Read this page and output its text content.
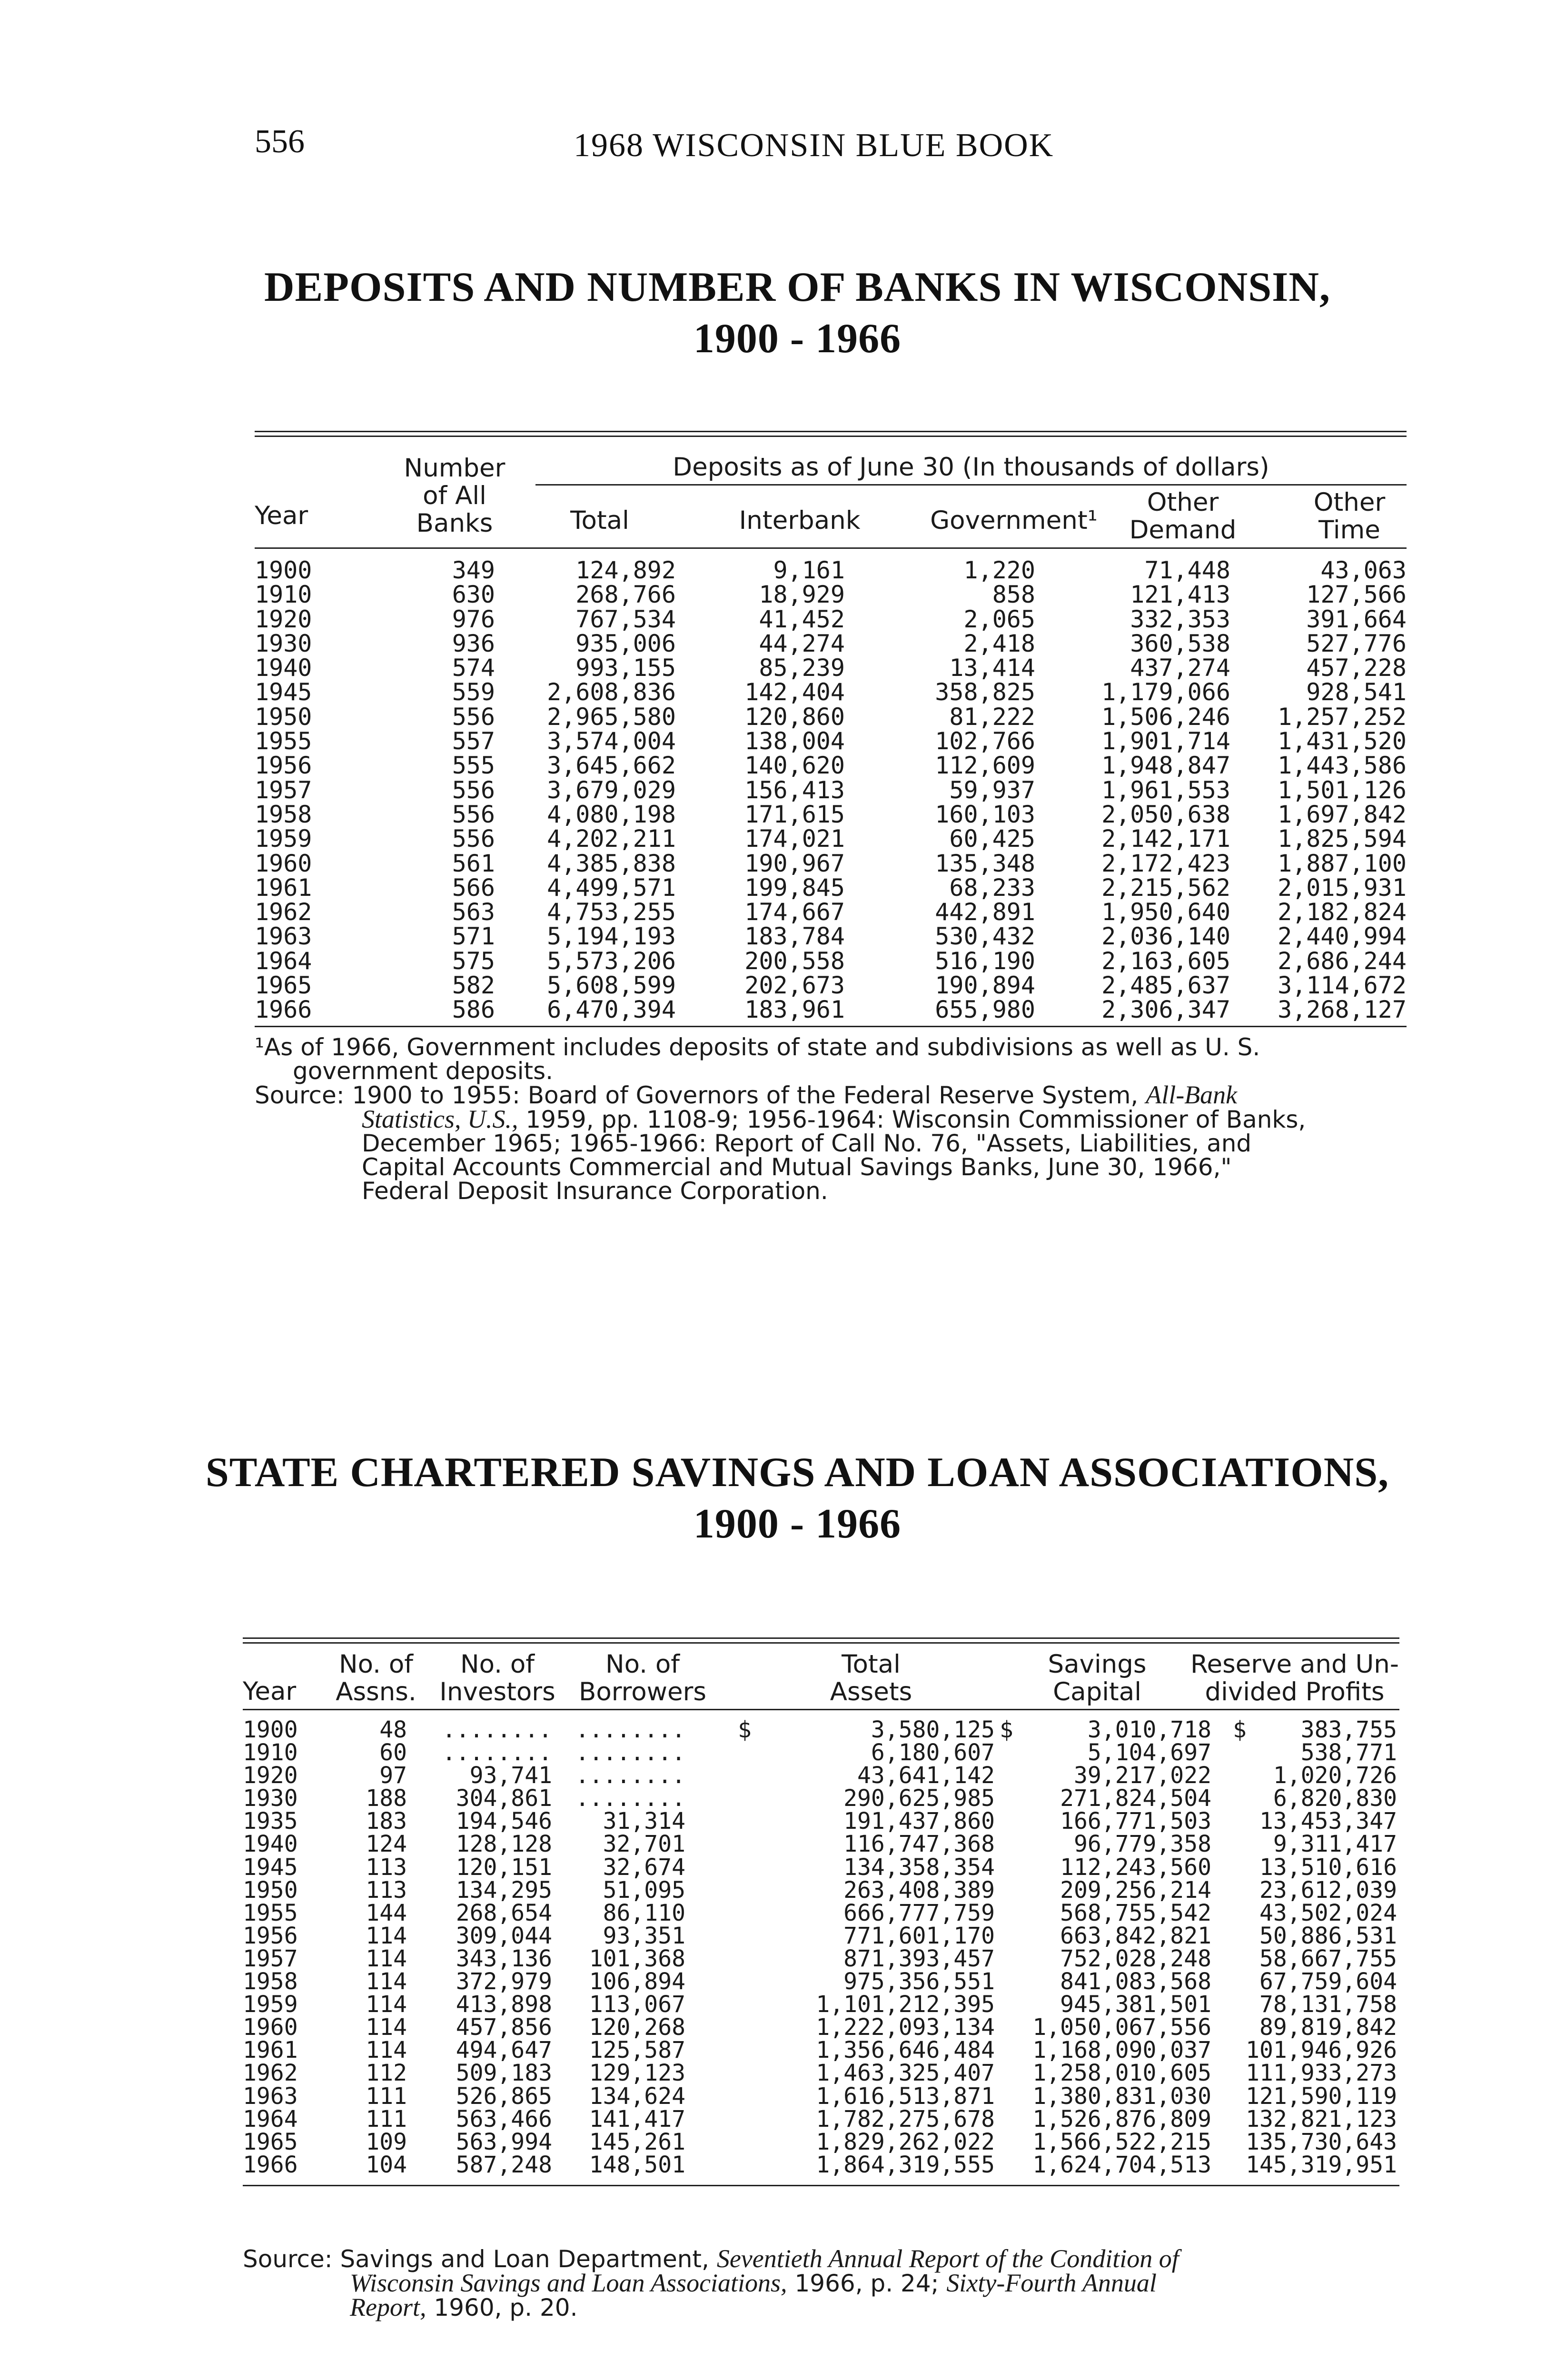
556	1968 WISCONSIN BLUE BOOK
DEPOSITS AND NUMBER OF BANKS IN WISCONSIN,
1900 - 1966
Year
Number
of All
Banks
Deposits as of June 30 (In thousands of dollars)
Total	Interbank	Government¹
Other
Demand
Other
Time
1900	349	124,892	9,161	1,220	71,448	43,063
1910	630	268,766	18,929	858	121,413	127,566
1920	976	767,534	41,452	2,065	332,353	391,664
1930	936	935,006	44,274	2,418	360,538	527,776
1940	574	993,155	85,239	13,414	437,274	457,228
1945	559 2,608,836	142,404	358,825	1,179,066	928,541
1950	556 2,965,580	120,860	81,222	1,506,246 1,257,252
1955	557 3,574,004	138,004	102,766	1,901,714 1,431,520
1956	555 3,645,662	140,620	112,609	1,948,847 1,443,586
1957	556 3,679,029	156,413	59,937	1,961,553 1,501,126
1958	556 4,080,198	171,615	160,103	2,050,638 1,697,842
1959	556 4,202,211	174,021	60,425	2,142,171 1,825,594
1960	561 4,385,838	190,967	135,348	2,172,423 1,887,100
1961	566 4,499,571	199,845	68,233	2,215,562 2,015,931
1962	563 4,753,255	174,667	442,891	1,950,640 2,182,824
1963	571 5,194,193	183,784	530,432	2,036,140 2,440,994
1964	575 5,573,206	200,558	516,190	2,163,605 2,686,244
1965	582 5,608,599	202,673	190,894	2,485,637 3,114,672
1966	586 6,470,394	183,961	655,980	2,306,347 3,268,127
¹As of 1966, Government includes deposits of state and subdivisions as well as U. S.
government deposits.
Source: 1900 to 1955: Board of Governors of the Federal Reserve System, All-Bank
Statistics, U.S., 1959, pp. 1108-9; 1956-1964: Wisconsin Commissioner of Banks,
December 1965; 1965-1966: Report of Call No. 76, "Assets, Liabilities, and
Capital Accounts Commercial and Mutual Savings Banks, June 30, 1966,"
Federal Deposit Insurance Corporation.
STATE CHARTERED SAVINGS AND LOAN ASSOCIATIONS,
1900 - 1966
Year
No. of
Assns.
No. of
Investors
No. of
Borrowers
Total
Assets
Savings
Capital
Reserve and Un-
divided Profits
1900	48 ........ ........ $	3,580,125 $	3,010,718 $ 383,755
1910	60 ........ ........	6,180,607	5,104,697	538,771
1920	97	93,741 ........	43,641,142	39,217,022	1,020,726
1930	188 304,861 ........	290,625,985	271,824,504	6,820,830
1935	183 194,546 31,314	191,437,860	166,771,503 13,453,347
1940	124 128,128 32,701	116,747,368	96,779,358	9,311,417
1945	113 120,151 32,674	134,358,354	112,243,560 13,510,616
1950	113 134,295 51,095	263,408,389	209,256,214 23,612,039
1955	144 268,654 86,110	666,777,759	568,755,542 43,502,024
1956	114 309,044 93,351	771,601,170	663,842,821 50,886,531
1957	114 343,136 101,368	871,393,457	752,028,248 58,667,755
1958	114 372,979 106,894	975,356,551	841,083,568 67,759,604
1959	114 413,898 113,067	1,101,212,395	945,381,501 78,131,758
1960	114 457,856 120,268	1,222,093,134 1,050,067,556 89,819,842
1961	114 494,647 125,587	1,356,646,484 1,168,090,037 101,946,926
1962	112 509,183 129,123	1,463,325,407 1,258,010,605 111,933,273
1963	111 526,865 134,624	1,616,513,871 1,380,831,030 121,590,119
1964	111 563,466 141,417	1,782,275,678 1,526,876,809 132,821,123
1965	109 563,994 145,261	1,829,262,022 1,566,522,215 135,730,643
1966	104 587,248 148,501	1,864,319,555 1,624,704,513 145,319,951
Source: Savings and Loan Department, Seventieth Annual Report of the Condition of
Wisconsin Savings and Loan Associations, 1966, p. 24; Sixty-Fourth Annual
Report, 1960, p. 20.
